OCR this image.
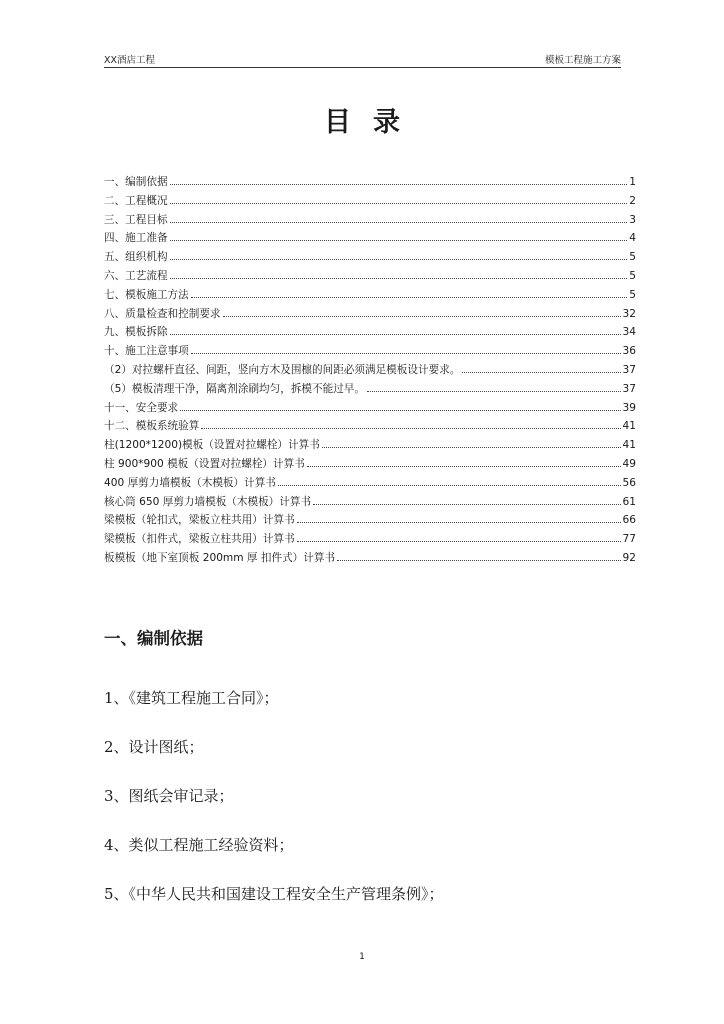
XX酒店工程	模板工程施工方案
目录
一、编制依据	1
二、工程概况	2
三、工程目标	3
四、施工准备	4
五、组织机构	5
六、工艺流程	5
七、模板施工方法	5
八、质量检查和控制要求	32
九、模板拆除	34
十、施工注意事项	36
（2）对拉螺杆直径、间距，竖向方木及围檩的间距必须满足模板设计要求。	37
（5）模板清理干净，隔离剂涂刷均匀，拆模不能过早。	37
十一、安全要求	39
十二、模板系统验算	41
柱(1200*1200)模板（设置对拉螺栓）计算书	41
柱 900*900 模板（设置对拉螺栓）计算书	49
400 厚剪力墙模板（木模板）计算书	56
核心筒 650 厚剪力墙模板（木模板）计算书	61
梁模板（轮扣式，梁板立柱共用）计算书	66
梁模板（扣件式，梁板立柱共用）计算书	77
板模板（地下室顶板 200mm 厚 扣件式）计算书	92
一、编制依据
1、《建筑工程施工合同》；
2、设计图纸；
3、图纸会审记录；
4、类似工程施工经验资料；
5、《中华人民共和国建设工程安全生产管理条例》；
1
